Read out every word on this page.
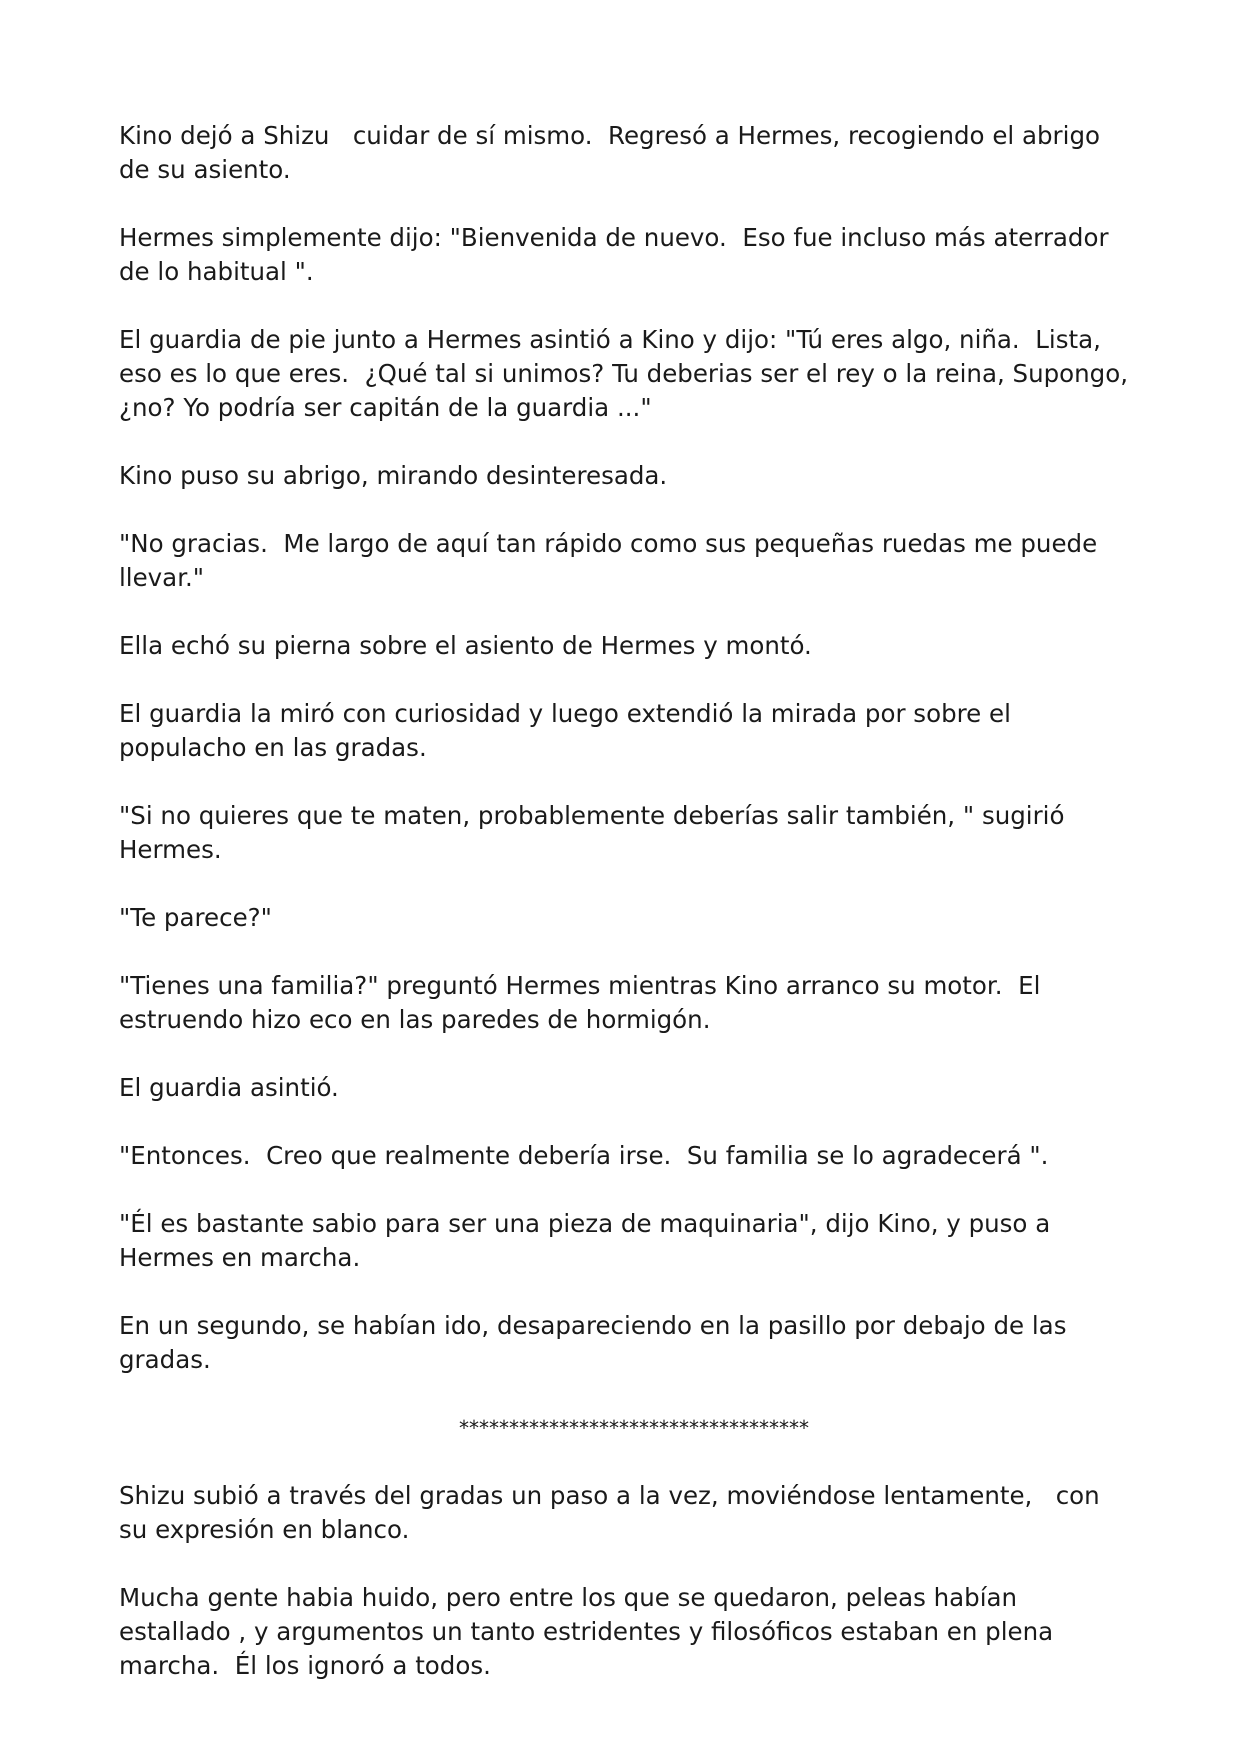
Kino dejó a Shizu   cuidar de sí mismo.  Regresó a Hermes, recogiendo el abrigo de su asiento.

Hermes simplemente dijo: "Bienvenida de nuevo.  Eso fue incluso más aterrador de lo habitual ".

El guardia de pie junto a Hermes asintió a Kino y dijo: "Tú eres algo, niña.  Lista, eso es lo que eres.  ¿Qué tal si unimos? Tu deberias ser el rey o la reina, Supongo, ¿no? Yo podría ser capitán de la guardia ..."

Kino puso su abrigo, mirando desinteresada.

"No gracias.  Me largo de aquí tan rápido como sus pequeñas ruedas me puede llevar."

Ella echó su pierna sobre el asiento de Hermes y montó.

El guardia la miró con curiosidad y luego extendió la mirada por sobre el populacho en las gradas.

"Si no quieres que te maten, probablemente deberías salir también, " sugirió Hermes.

"Te parece?"

"Tienes una familia?" preguntó Hermes mientras Kino arranco su motor.  El estruendo hizo eco en las paredes de hormigón.

El guardia asintió.

"Entonces.  Creo que realmente debería irse.  Su familia se lo agradecerá ".

"Él es bastante sabio para ser una pieza de maquinaria", dijo Kino, y puso a Hermes en marcha.

En un segundo, se habían ido, desapareciendo en la pasillo por debajo de las gradas.

***********************************

Shizu subió a través del gradas un paso a la vez, moviéndose lentamente,   con su expresión en blanco.

Mucha gente habia huido, pero entre los que se quedaron, peleas habían estallado , y argumentos un tanto estridentes y filosóficos estaban en plena marcha.  Él los ignoró a todos.
